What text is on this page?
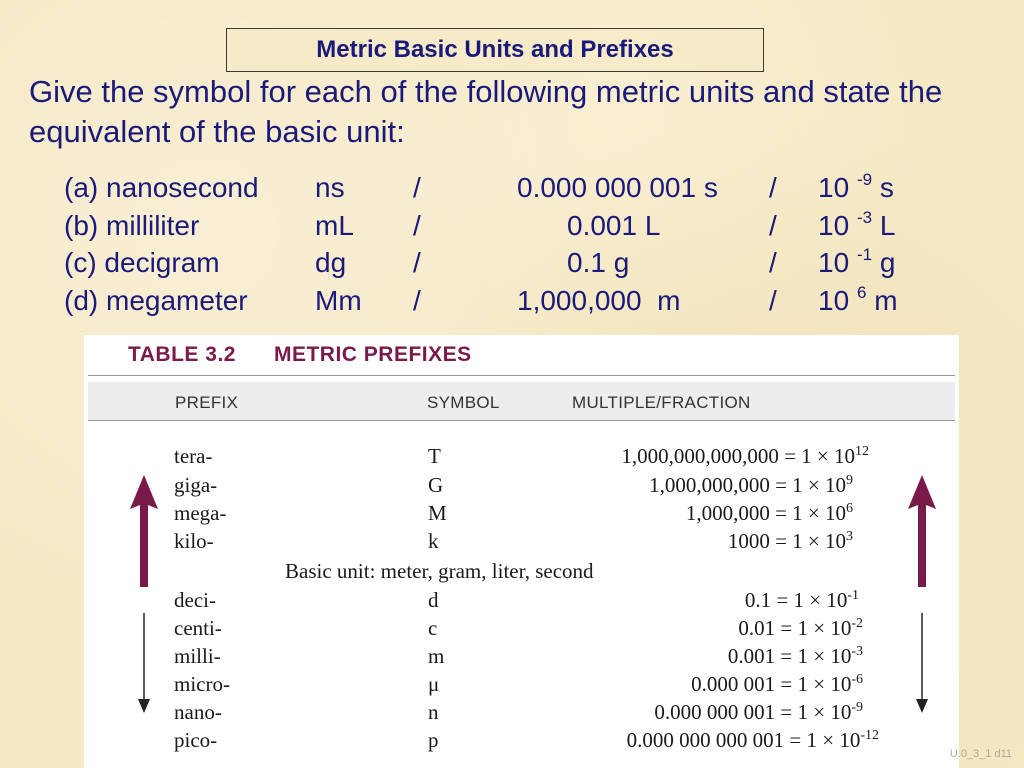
Metric Basic Units and Prefixes
Give the symbol for each of the following metric units and state the equivalent of the basic unit:
(a) nanosecond ns /	0.000 000 001 s / 10 $^{-9}$ s
(b) milliliter	mL /	0.001 L	/ 10 $^{-3}$ L
(c) decigram	dg /	0.1 g	/ 10 $^{-1}$ g
(d) megameter Mm /	1,000,000  m	/ 10 $^6$ m
TABLE 3.2 METRIC PREFIXES
PREFIX	SYMBOL	MULTIPLE/FRACTION
tera-	T	$1,000,000,000,000 = 1 \times 10^{12}$
giga-	G	$1,000,000,000 = 1 \times 10^9$
mega-	M	$1,000,000 = 1 \times 10^6$
kilo-	k	$1000 = 1 \times 10^3$
Basic unit: meter, gram, liter, second
deci-	d	$0.1 = 1 \times 10^{-1}$
centi-	c	$0.01 = 1 \times 10^{-2}$
milli-	m	$0.001 = 1 \times 10^{-3}$
micro-	μ	0.000 $001 = 1 \times 10^{-6}$
nano-	n	0.000 000 $001 = 1 \times 10^{-9}$
pico-	p	0.000 000 000 $001 = 1 \times 10^{-12}$
U.0_3_1 d11
